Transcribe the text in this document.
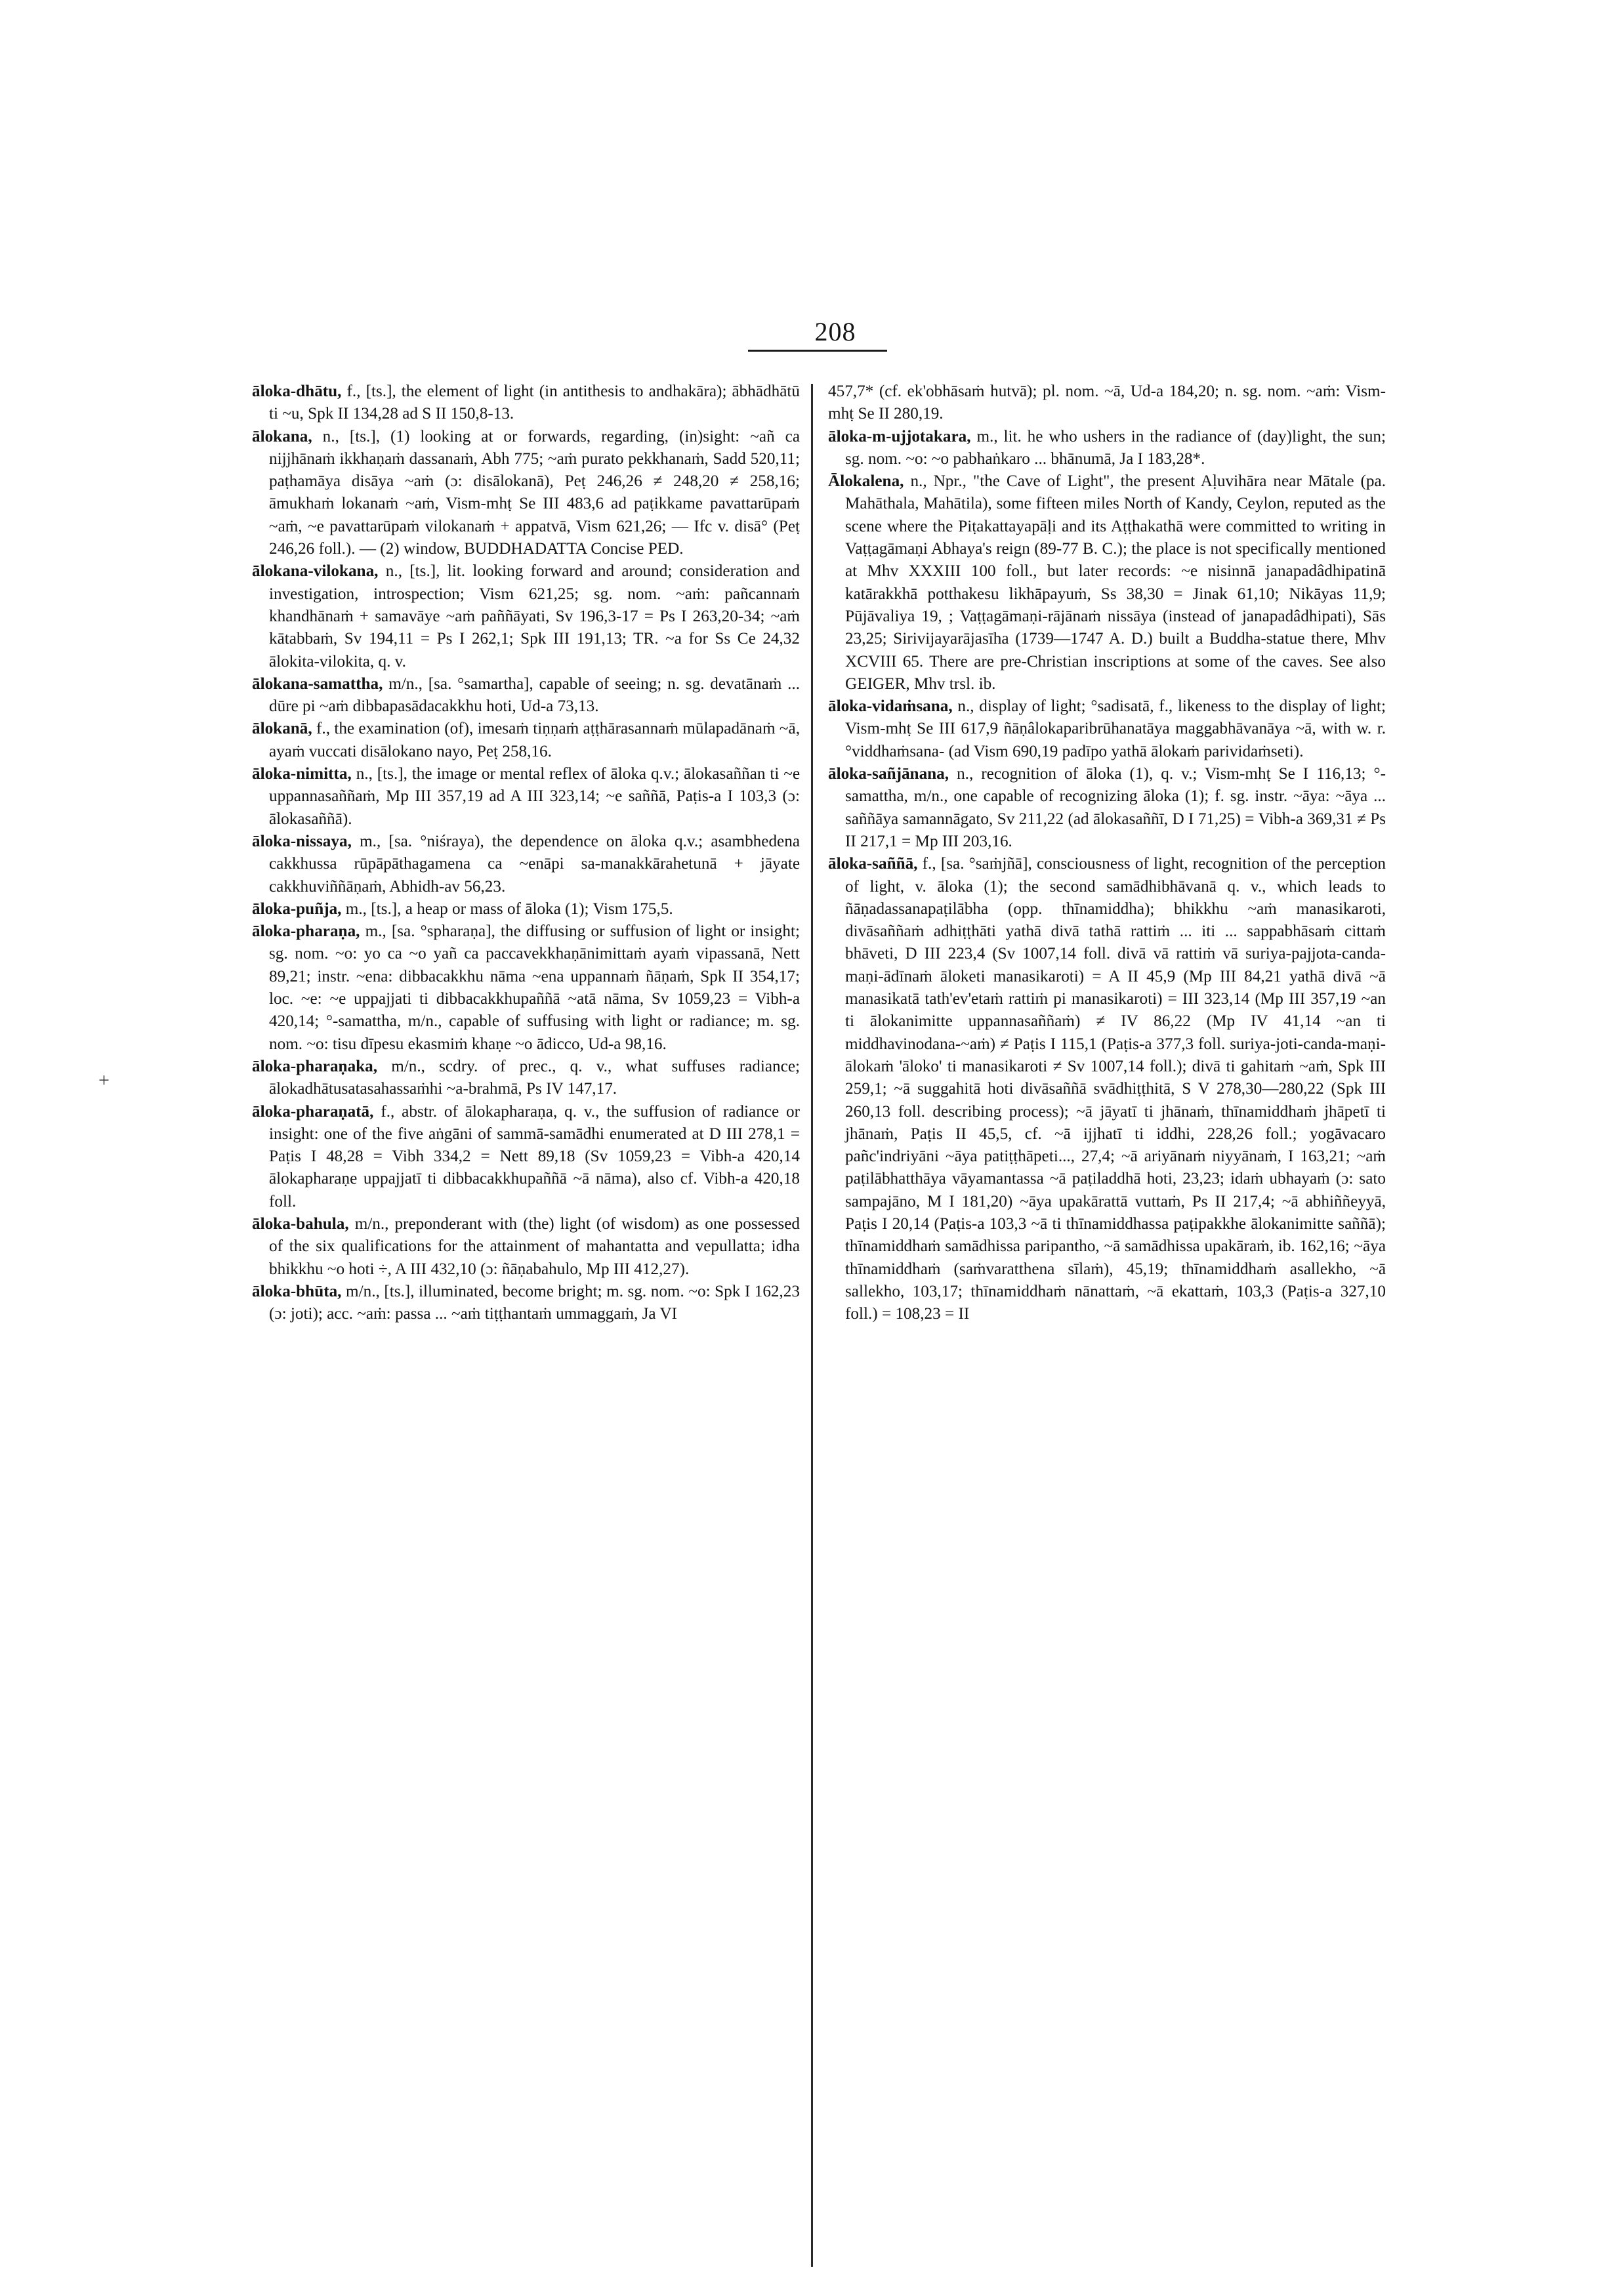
208
+

āloka-dhātu, f., [ts.], the element of light (in antithesis to andhakāra); ābhādhātū ti ~u, Spk II 134,28 ad S II 150,8-13.

ālokana, n., [ts.], (1) looking at or forwards, regarding, (in)sight: ~añ ca nijjhānaṁ ikkhaṇaṁ dassanaṁ, Abh 775; ~aṁ purato pekkhanaṁ, Sadd 520,11; paṭhamāya disāya ~aṁ (ɔ: disālokanā), Peṭ 246,26 ≠ 248,20 ≠ 258,16; āmukhaṁ lokanaṁ ~aṁ, Vism-mhṭ Se III 483,6 ad paṭikkame pavattarūpaṁ ~aṁ, ~e pavattarūpaṁ vilokanaṁ + appatvā, Vism 621,26; — Ifc v. disā° (Peṭ 246,26 foll.). — (2) window, BUDDHADATTA Concise PED.

ālokana-vilokana, n., [ts.], lit. looking forward and around; consideration and investigation, introspection; Vism 621,25; sg. nom. ~aṁ: pañcannaṁ khandhānaṁ + samavāye ~aṁ paññāyati, Sv 196,3-17 = Ps I 263,20-34; ~aṁ kātabbaṁ, Sv 194,11 = Ps I 262,1; Spk III 191,13; TR. ~a for Ss Ce 24,32 ālokita-vilokita, q. v.

ālokana-samattha, m/n., [sa. °samartha], capable of seeing; n. sg. devatānaṁ ... dūre pi ~aṁ dibbapasādacakkhu hoti, Ud-a 73,13.

ālokanā, f., the examination (of), imesaṁ tiṇṇaṁ aṭṭhārasannaṁ mūlapadānaṁ ~ā, ayaṁ vuccati disālokano nayo, Peṭ 258,16.

āloka-nimitta, n., [ts.], the image or mental reflex of āloka q.v.; ālokasaññan ti ~e uppannasaññaṁ, Mp III 357,19 ad A III 323,14; ~e saññā, Paṭis-a I 103,3 (ɔ: ālokasaññā).

āloka-nissaya, m., [sa. °niśraya), the dependence on āloka q.v.; asambhedena cakkhussa rūpāpāthagamena ca ~enāpi sa-manakkārahetunā + jāyate cakkhuviññāṇaṁ, Abhidh-av 56,23.

āloka-puñja, m., [ts.], a heap or mass of āloka (1); Vism 175,5.

āloka-pharaṇa, m., [sa. °spharaṇa], the diffusing or suffusion of light or insight; sg. nom. ~o: yo ca ~o yañ ca paccavekkhaṇānimittaṁ ayaṁ vipassanā, Nett 89,21; instr. ~ena: dibbacakkhu nāma ~ena uppannaṁ ñāṇaṁ, Spk II 354,17; loc. ~e: ~e uppajjati ti dibbacakkhupaññā ~atā nāma, Sv 1059,23 = Vibh-a 420,14; °-samattha, m/n., capable of suffusing with light or radiance; m. sg. nom. ~o: tisu dīpesu ekasmiṁ khaṇe ~o ādicco, Ud-a 98,16.

āloka-pharaṇaka, m/n., scdry. of prec., q. v., what suffuses radiance; ālokadhātusatasahassaṁhi ~a-brahmā, Ps IV 147,17.

āloka-pharaṇatā, f., abstr. of ālokapharaṇa, q. v., the suffusion of radiance or insight: one of the five aṅgāni of sammā-samādhi enumerated at D III 278,1 = Paṭis I 48,28 = Vibh 334,2 = Nett 89,18 (Sv 1059,23 = Vibh-a 420,14 ālokapharaṇe uppajjatī ti dibbacakkhupaññā ~ā nāma), also cf. Vibh-a 420,18 foll.

āloka-bahula, m/n., preponderant with (the) light (of wisdom) as one possessed of the six qualifications for the attainment of mahantatta and vepullatta; idha bhikkhu ~o hoti ÷, A III 432,10 (ɔ: ñāṇabahulo, Mp III 412,27).

āloka-bhūta, m/n., [ts.], illuminated, become bright; m. sg. nom. ~o: Spk I 162,23 (ɔ: joti); acc. ~aṁ: passa ... ~aṁ tiṭṭhantaṁ ummaggaṁ, Ja VI

457,7* (cf. ek'obhāsaṁ hutvā); pl. nom. ~ā, Ud-a 184,20; n. sg. nom. ~aṁ: Vism-mhṭ Se II 280,19.

āloka-m-ujjotakara, m., lit. he who ushers in the radiance of (day)light, the sun; sg. nom. ~o: ~o pabhaṅkaro ... bhānumā, Ja I 183,28*.

Ālokalena, n., Npr., "the Cave of Light", the present Aḷuvihāra near Mātale (pa. Mahāthala, Mahātila), some fifteen miles North of Kandy, Ceylon, reputed as the scene where the Piṭakattayapāḷi and its Aṭṭhakathā were committed to writing in Vaṭṭagāmaṇi Abhaya's reign (89-77 B. C.); the place is not specifically mentioned at Mhv XXXIII 100 foll., but later records: ~e nisinnā janapadâdhipatinā katārakkhā potthakesu likhāpayuṁ, Ss 38,30 = Jinak 61,10; Nikāyas 11,9; Pūjāvaliya 19, ; Vaṭṭagāmaṇi-rājānaṁ nissāya (instead of janapadâdhipati), Sās 23,25; Sirivijayarājasīha (1739—1747 A. D.) built a Buddha-statue there, Mhv XCVIII 65. There are pre-Christian inscriptions at some of the caves. See also GEIGER, Mhv trsl. ib.

āloka-vidaṁsana, n., display of light; °sadisatā, f., likeness to the display of light; Vism-mhṭ Se III 617,9 ñāṇâlokaparibrūhanatāya maggabhāvanāya ~ā, with w. r. °viddhaṁsana- (ad Vism 690,19 padīpo yathā ālokaṁ parividaṁseti).

āloka-sañjānana, n., recognition of āloka (1), q. v.; Vism-mhṭ Se I 116,13; °-samattha, m/n., one capable of recognizing āloka (1); f. sg. instr. ~āya: ~āya ... saññāya samannāgato, Sv 211,22 (ad ālokasaññī, D I 71,25) = Vibh-a 369,31 ≠ Ps II 217,1 = Mp III 203,16.

āloka-saññā, f., [sa. °saṁjñā], consciousness of light, recognition of the perception of light, v. āloka (1); the second samādhibhāvanā q. v., which leads to ñāṇadassanapaṭilābha (opp. thīnamiddha); bhikkhu ~aṁ manasikaroti, divāsaññaṁ adhiṭṭhāti yathā divā tathā rattiṁ ... iti ... sappabhāsaṁ cittaṁ bhāveti, D III 223,4 (Sv 1007,14 foll. divā vā rattiṁ vā suriya-pajjota-canda-maṇi-ādīnaṁ āloketi manasikaroti) = A II 45,9 (Mp III 84,21 yathā divā ~ā manasikatā tath'ev'etaṁ rattiṁ pi manasikaroti) = III 323,14 (Mp III 357,19 ~an ti ālokanimitte uppannasaññaṁ) ≠ IV 86,22 (Mp IV 41,14 ~an ti middhavinodana-~aṁ) ≠ Paṭis I 115,1 (Paṭis-a 377,3 foll. suriya-joti-canda-maṇi-ālokaṁ 'āloko' ti manasikaroti ≠ Sv 1007,14 foll.); divā ti gahitaṁ ~aṁ, Spk III 259,1; ~ā suggahitā hoti divāsaññā svādhiṭṭhitā, S V 278,30—280,22 (Spk III 260,13 foll. describing process); ~ā jāyatī ti jhānaṁ, thīnamiddhaṁ jhāpetī ti jhānaṁ, Paṭis II 45,5, cf. ~ā ijjhatī ti iddhi, 228,26 foll.; yogāvacaro pañc'indriyāni ~āya patiṭṭhāpeti..., 27,4; ~ā ariyānaṁ niyyānaṁ, I 163,21; ~aṁ paṭilābhatthāya vāyamantassa ~ā paṭiladdhā hoti, 23,23; idaṁ ubhayaṁ (ɔ: sato sampajāno, M I 181,20) ~āya upakārattā vuttaṁ, Ps II 217,4; ~ā abhiññeyyā, Paṭis I 20,14 (Paṭis-a 103,3 ~ā ti thīnamiddhassa paṭipakkhe ālokanimitte saññā); thīnamiddhaṁ samādhissa paripantho, ~ā samādhissa upakāraṁ, ib. 162,16; ~āya thīnamiddhaṁ (saṁvaratthena sīlaṁ), 45,19; thīnamiddhaṁ asallekho, ~ā sallekho, 103,17; thīnamiddhaṁ nānattaṁ, ~ā ekattaṁ, 103,3 (Paṭis-a 327,10 foll.) = 108,23 = II
